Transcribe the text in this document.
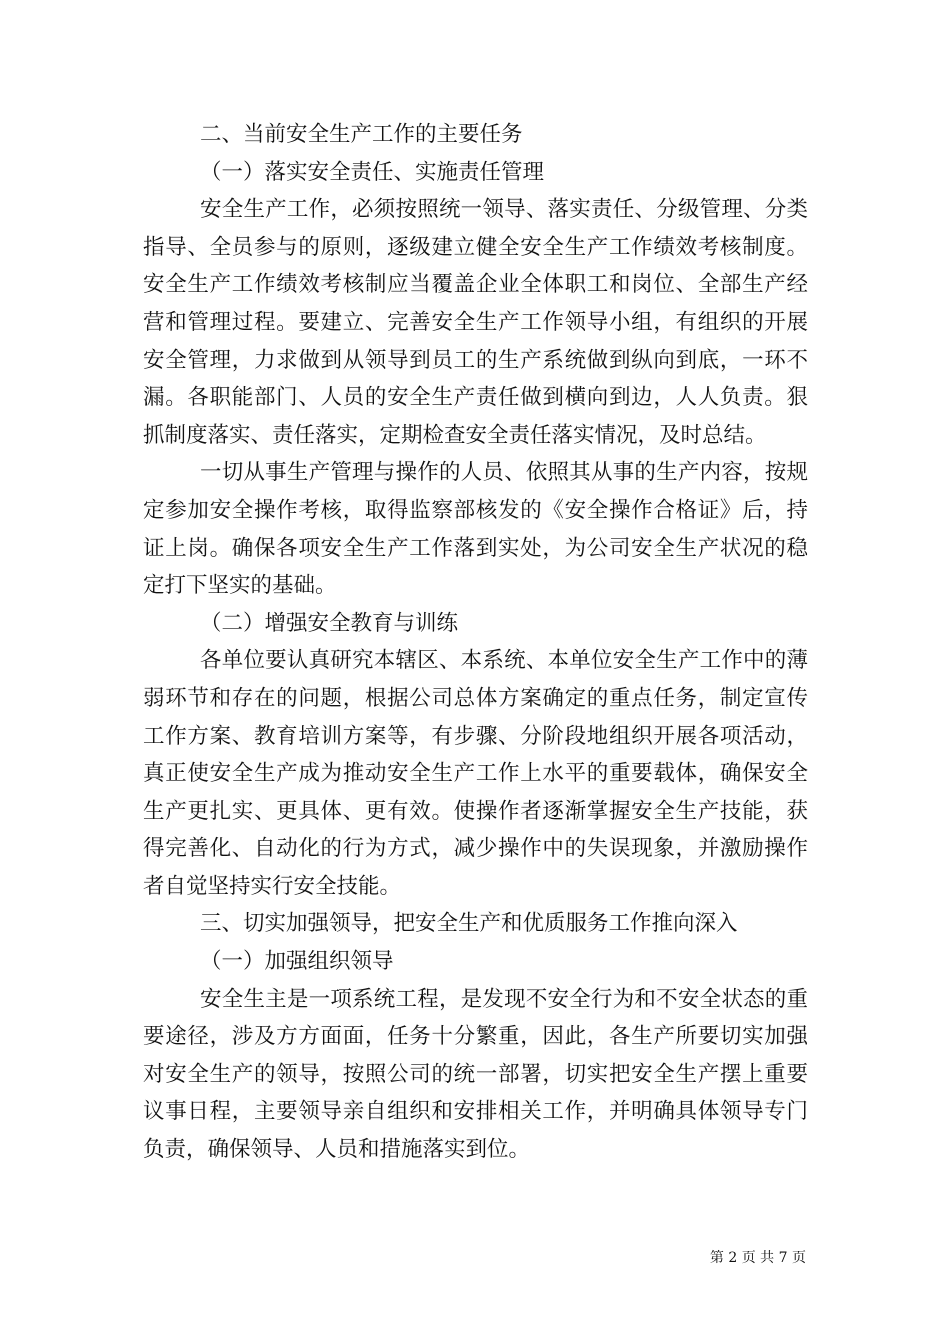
二、当前安全生产工作的主要任务

（一）落实安全责任、实施责任管理

安全生产工作，必须按照统一领导、落实责任、分级管理、分类指导、全员参与的原则，逐级建立健全安全生产工作绩效考核制度。安全生产工作绩效考核制应当覆盖企业全体职工和岗位、全部生产经营和管理过程。要建立、完善安全生产工作领导小组，有组织的开展安全管理，力求做到从领导到员工的生产系统做到纵向到底，一环不漏。各职能部门、人员的安全生产责任做到横向到边，人人负责。狠抓制度落实、责任落实，定期检查安全责任落实情况，及时总结。

一切从事生产管理与操作的人员、依照其从事的生产内容，按规定参加安全操作考核，取得监察部核发的《安全操作合格证》后，持证上岗。确保各项安全生产工作落到实处，为公司安全生产状况的稳定打下坚实的基础。

（二）增强安全教育与训练

各单位要认真研究本辖区、本系统、本单位安全生产工作中的薄弱环节和存在的问题，根据公司总体方案确定的重点任务，制定宣传工作方案、教育培训方案等，有步骤、分阶段地组织开展各项活动，真正使安全生产成为推动安全生产工作上水平的重要载体，确保安全生产更扎实、更具体、更有效。使操作者逐渐掌握安全生产技能，获得完善化、自动化的行为方式，减少操作中的失误现象，并激励操作者自觉坚持实行安全技能。

三、切实加强领导，把安全生产和优质服务工作推向深入

（一）加强组织领导

安全生主是一项系统工程，是发现不安全行为和不安全状态的重要途径，涉及方方面面，任务十分繁重，因此，各生产所要切实加强对安全生产的领导，按照公司的统一部署，切实把安全生产摆上重要议事日程，主要领导亲自组织和安排相关工作，并明确具体领导专门负责，确保领导、人员和措施落实到位。

第 2 页 共 7 页
